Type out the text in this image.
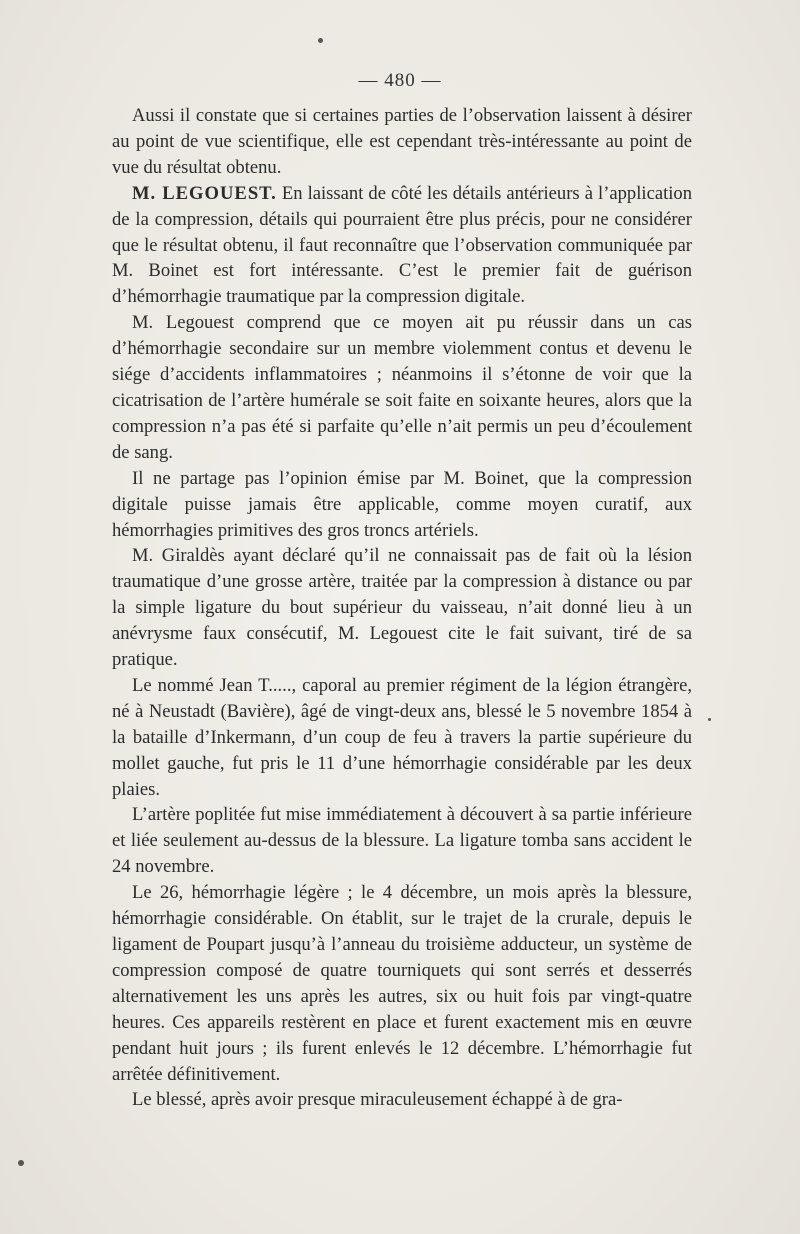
— 480 —

Aussi il constate que si certaines parties de l’observation laissent à désirer au point de vue scientifique, elle est cependant très-intéressante au point de vue du résultat obtenu.

M. LEGOUEST. En laissant de côté les détails antérieurs à l’application de la compression, détails qui pourraient être plus précis, pour ne considérer que le résultat obtenu, il faut reconnaître que l’observation communiquée par M. Boinet est fort intéressante. C’est le premier fait de guérison d’hémorrhagie traumatique par la compression digitale.

M. Legouest comprend que ce moyen ait pu réussir dans un cas d’hémorrhagie secondaire sur un membre violemment contus et devenu le siége d’accidents inflammatoires ; néanmoins il s’étonne de voir que la cicatrisation de l’artère humérale se soit faite en soixante heures, alors que la compression n’a pas été si parfaite qu’elle n’ait permis un peu d’écoulement de sang.

Il ne partage pas l’opinion émise par M. Boinet, que la compression digitale puisse jamais être applicable, comme moyen curatif, aux hémorrhagies primitives des gros troncs artériels.

M. Giraldès ayant déclaré qu’il ne connaissait pas de fait où la lésion traumatique d’une grosse artère, traitée par la compression à distance ou par la simple ligature du bout supérieur du vaisseau, n’ait donné lieu à un anévrysme faux consécutif, M. Legouest cite le fait suivant, tiré de sa pratique.

Le nommé Jean T....., caporal au premier régiment de la légion étrangère, né à Neustadt (Bavière), âgé de vingt-deux ans, blessé le 5 novembre 1854 à la bataille d’Inkermann, d’un coup de feu à travers la partie supérieure du mollet gauche, fut pris le 11 d’une hémorrhagie considérable par les deux plaies.

L’artère poplitée fut mise immédiatement à découvert à sa partie inférieure et liée seulement au-dessus de la blessure. La ligature tomba sans accident le 24 novembre.

Le 26, hémorrhagie légère ; le 4 décembre, un mois après la blessure, hémorrhagie considérable. On établit, sur le trajet de la crurale, depuis le ligament de Poupart jusqu’à l’anneau du troisième adducteur, un système de compression composé de quatre tourniquets qui sont serrés et desserrés alternativement les uns après les autres, six ou huit fois par vingt-quatre heures. Ces appareils restèrent en place et furent exactement mis en œuvre pendant huit jours ; ils furent enlevés le 12 décembre. L’hémorrhagie fut arrêtée définitivement.

Le blessé, après avoir presque miraculeusement échappé à de gra-
